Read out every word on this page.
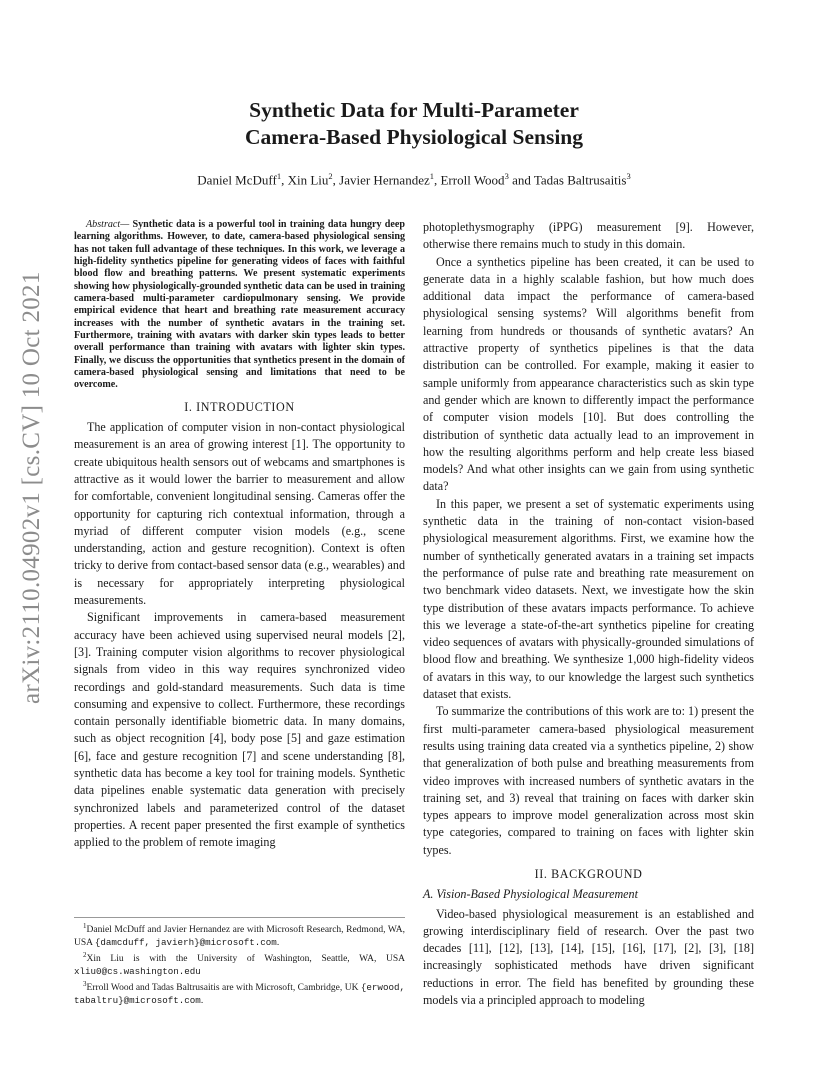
arXiv:2110.04902v1 [cs.CV] 10 Oct 2021
Synthetic Data for Multi-Parameter
Camera-Based Physiological Sensing
Daniel McDuff$^1$, Xin Liu$^2$, Javier Hernandez$^1$, Erroll Wood$^3$ and Tadas Baltrusaitis$^3$

Abstract— Synthetic data is a powerful tool in training data hungry deep learning algorithms. However, to date, camera-based physiological sensing has not taken full advantage of these techniques. In this work, we leverage a high-fidelity synthetics pipeline for generating videos of faces with faithful blood flow and breathing patterns. We present systematic experiments showing how physiologically-grounded synthetic data can be used in training camera-based multi-parameter cardiopulmonary sensing. We provide empirical evidence that heart and breathing rate measurement accuracy increases with the number of synthetic avatars in the training set. Furthermore, training with avatars with darker skin types leads to better overall performance than training with avatars with lighter skin types. Finally, we discuss the opportunities that synthetics present in the domain of camera-based physiological sensing and limitations that need to be overcome.

I. INTRODUCTION

The application of computer vision in non-contact physiological measurement is an area of growing interest [1]. The opportunity to create ubiquitous health sensors out of webcams and smartphones is attractive as it would lower the barrier to measurement and allow for comfortable, convenient longitudinal sensing. Cameras offer the opportunity for capturing rich contextual information, through a myriad of different computer vision models (e.g., scene understanding, action and gesture recognition). Context is often tricky to derive from contact-based sensor data (e.g., wearables) and is necessary for appropriately interpreting physiological measurements.

Significant improvements in camera-based measurement accuracy have been achieved using supervised neural models [2], [3]. Training computer vision algorithms to recover physiological signals from video in this way requires synchronized video recordings and gold-standard measurements. Such data is time consuming and expensive to collect. Furthermore, these recordings contain personally identifiable biometric data. In many domains, such as object recognition [4], body pose [5] and gaze estimation [6], face and gesture recognition [7] and scene understanding [8], synthetic data has become a key tool for training models. Synthetic data pipelines enable systematic data generation with precisely synchronized labels and parameterized control of the dataset properties. A recent paper presented the first example of synthetics applied to the problem of remote imaging

$^1$Daniel McDuff and Javier Hernandez are with Microsoft Research, Redmond, WA, USA {damcduff, javierh}@microsoft.com.

$^2$Xin Liu is with the University of Washington, Seattle, WA, USA xliu0@cs.washington.edu

$^3$Erroll Wood and Tadas Baltrusaitis are with Microsoft, Cambridge, UK {erwood, tabaltru}@microsoft.com.

photoplethysmography (iPPG) measurement [9]. However, otherwise there remains much to study in this domain.

Once a synthetics pipeline has been created, it can be used to generate data in a highly scalable fashion, but how much does additional data impact the performance of camera-based physiological sensing systems? Will algorithms benefit from learning from hundreds or thousands of synthetic avatars? An attractive property of synthetics pipelines is that the data distribution can be controlled. For example, making it easier to sample uniformly from appearance characteristics such as skin type and gender which are known to differently impact the performance of computer vision models [10]. But does controlling the distribution of synthetic data actually lead to an improvement in how the resulting algorithms perform and help create less biased models? And what other insights can we gain from using synthetic data?

In this paper, we present a set of systematic experiments using synthetic data in the training of non-contact vision-based physiological measurement algorithms. First, we examine how the number of synthetically generated avatars in a training set impacts the performance of pulse rate and breathing rate measurement on two benchmark video datasets. Next, we investigate how the skin type distribution of these avatars impacts performance. To achieve this we leverage a state-of-the-art synthetics pipeline for creating video sequences of avatars with physically-grounded simulations of blood flow and breathing. We synthesize 1,000 high-fidelity videos of avatars in this way, to our knowledge the largest such synthetics dataset that exists.

To summarize the contributions of this work are to: 1) present the first multi-parameter camera-based physiological measurement results using training data created via a synthetics pipeline, 2) show that generalization of both pulse and breathing measurements from video improves with increased numbers of synthetic avatars in the training set, and 3) reveal that training on faces with darker skin types appears to improve model generalization across most skin type categories, compared to training on faces with lighter skin types.

II. BACKGROUND
A. Vision-Based Physiological Measurement

Video-based physiological measurement is an established and growing interdisciplinary field of research. Over the past two decades [11], [12], [13], [14], [15], [16], [17], [2], [3], [18] increasingly sophisticated methods have driven significant reductions in error. The field has benefited by grounding these models via a principled approach to modeling
